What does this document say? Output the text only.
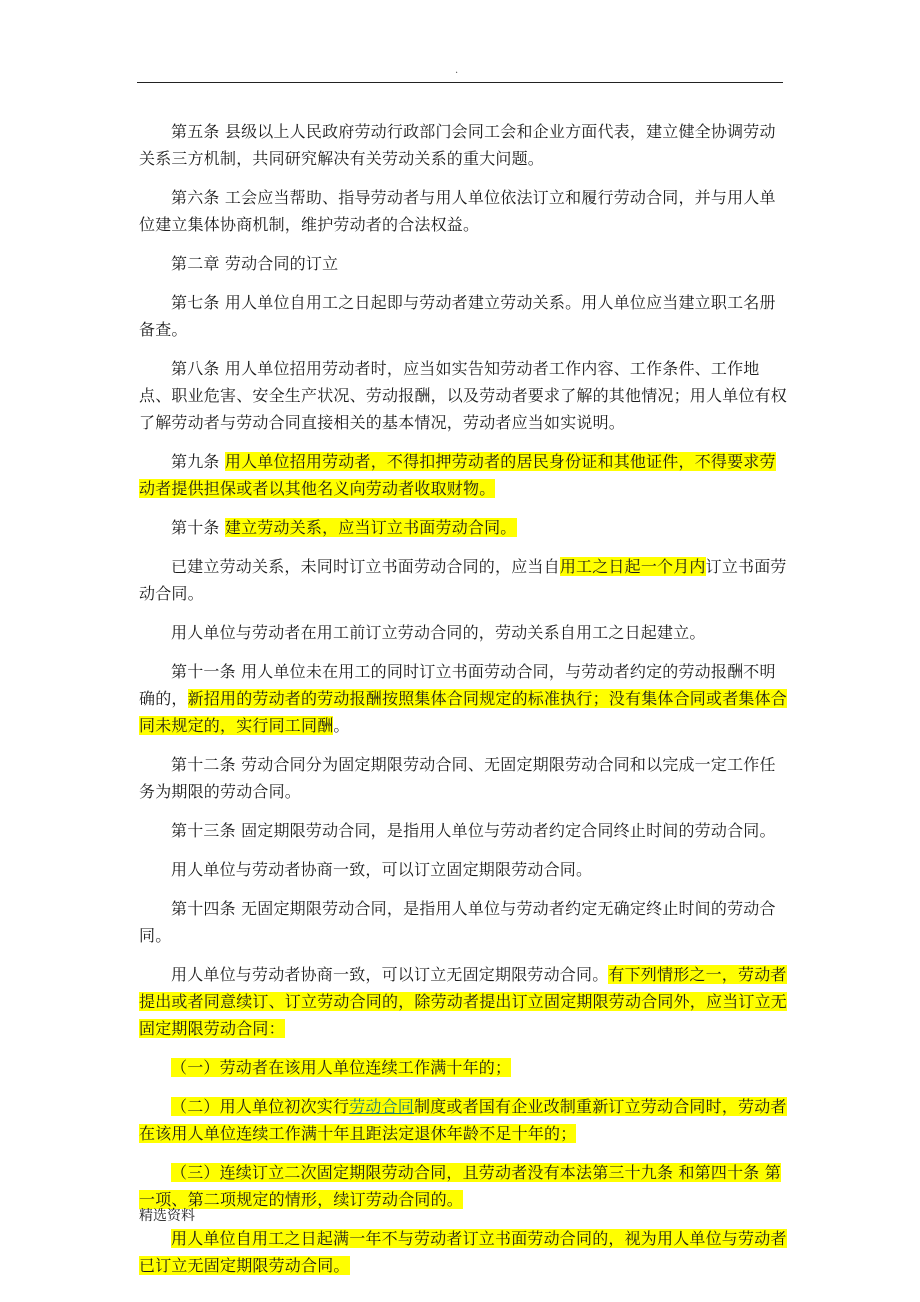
.

第五条 县级以上人民政府劳动行政部门会同工会和企业方面代表，建立健全协调劳动关系三方机制，共同研究解决有关劳动关系的重大问题。

第六条 工会应当帮助、指导劳动者与用人单位依法订立和履行劳动合同，并与用人单位建立集体协商机制，维护劳动者的合法权益。

第二章 劳动合同的订立

第七条 用人单位自用工之日起即与劳动者建立劳动关系。用人单位应当建立职工名册备查。

第八条 用人单位招用劳动者时，应当如实告知劳动者工作内容、工作条件、工作地点、职业危害、安全生产状况、劳动报酬，以及劳动者要求了解的其他情况；用人单位有权了解劳动者与劳动合同直接相关的基本情况，劳动者应当如实说明。

第九条 用人单位招用劳动者，不得扣押劳动者的居民身份证和其他证件，不得要求劳动者提供担保或者以其他名义向劳动者收取财物。

第十条 建立劳动关系，应当订立书面劳动合同。

已建立劳动关系，未同时订立书面劳动合同的，应当自用工之日起一个月内订立书面劳动合同。

用人单位与劳动者在用工前订立劳动合同的，劳动关系自用工之日起建立。

第十一条 用人单位未在用工的同时订立书面劳动合同，与劳动者约定的劳动报酬不明确的，新招用的劳动者的劳动报酬按照集体合同规定的标准执行；没有集体合同或者集体合同未规定的，实行同工同酬。

第十二条 劳动合同分为固定期限劳动合同、无固定期限劳动合同和以完成一定工作任务为期限的劳动合同。

第十三条 固定期限劳动合同，是指用人单位与劳动者约定合同终止时间的劳动合同。

用人单位与劳动者协商一致，可以订立固定期限劳动合同。

第十四条 无固定期限劳动合同，是指用人单位与劳动者约定无确定终止时间的劳动合同。

用人单位与劳动者协商一致，可以订立无固定期限劳动合同。有下列情形之一，劳动者提出或者同意续订、订立劳动合同的，除劳动者提出订立固定期限劳动合同外，应当订立无固定期限劳动合同：

（一）劳动者在该用人单位连续工作满十年的；

（二）用人单位初次实行劳动合同制度或者国有企业改制重新订立劳动合同时，劳动者在该用人单位连续工作满十年且距法定退休年龄不足十年的；

（三）连续订立二次固定期限劳动合同，且劳动者没有本法第三十九条 和第四十条 第一项、第二项规定的情形，续订劳动合同的。

用人单位自用工之日起满一年不与劳动者订立书面劳动合同的，视为用人单位与劳动者已订立无固定期限劳动合同。

精选资料
